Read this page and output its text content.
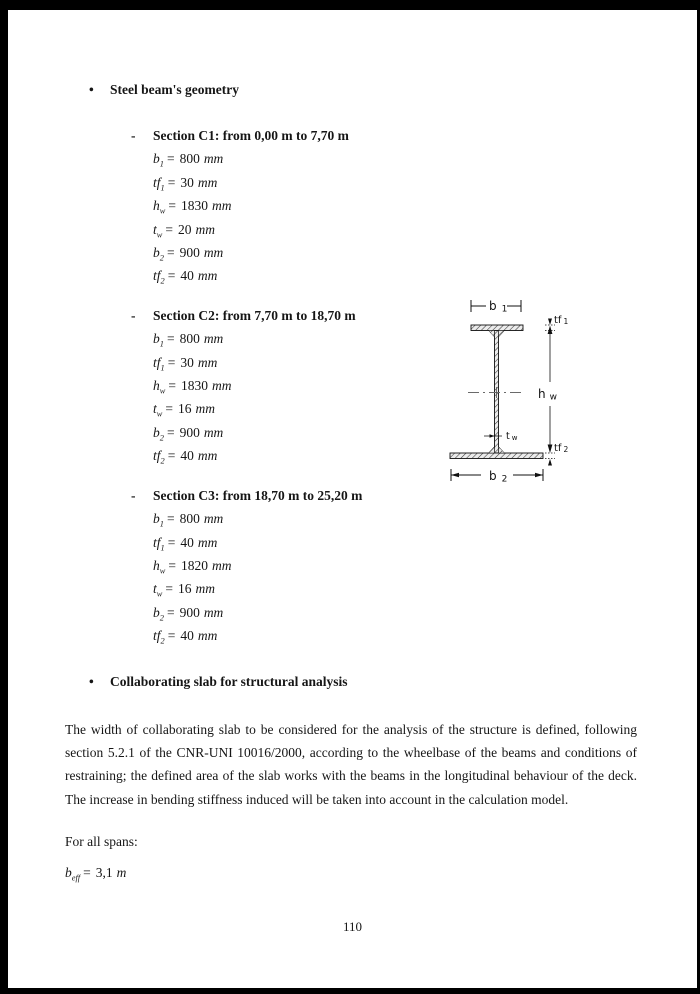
• Steel beam's geometry
- Section C1: from 0,00 m to 7,70 m
$b_1 = 800$ mm
$tf_1 = 30$ mm
$h_w = 1830$ mm
$t_w = 20$ mm
$b_2 = 900$ mm
$tf_2 = 40$ mm
- Section C2: from 7,70 m to 18,70 m
$b_1 = 800$ mm
$tf_1 = 30$ mm
$h_w = 1830$ mm
$t_w = 16$ mm
$b_2 = 900$ mm
$tf_2 = 40$ mm
- Section C3: from 18,70 m to 25,20 m
$b_1 = 800$ mm
$tf_1 = 40$ mm
$h_w = 1820$ mm
$t_w = 16$ mm
$b_2 = 900$ mm
$tf_2 = 40$ mm
b 1
h w
tf 1
t w
tf 2
b 2
• Collaborating slab for structural analysis
The width of collaborating slab to be considered for the analysis of the structure is defined, following section 5.2.1 of the CNR-UNI 10016/2000, according to the wheelbase of the beams and conditions of restraining; the defined area of the slab works with the beams in the longitudinal behaviour of the deck. The increase in bending stiffness induced will be taken into account in the calculation model.
For all spans:
$b_{eff} = 3,1$ m
110
